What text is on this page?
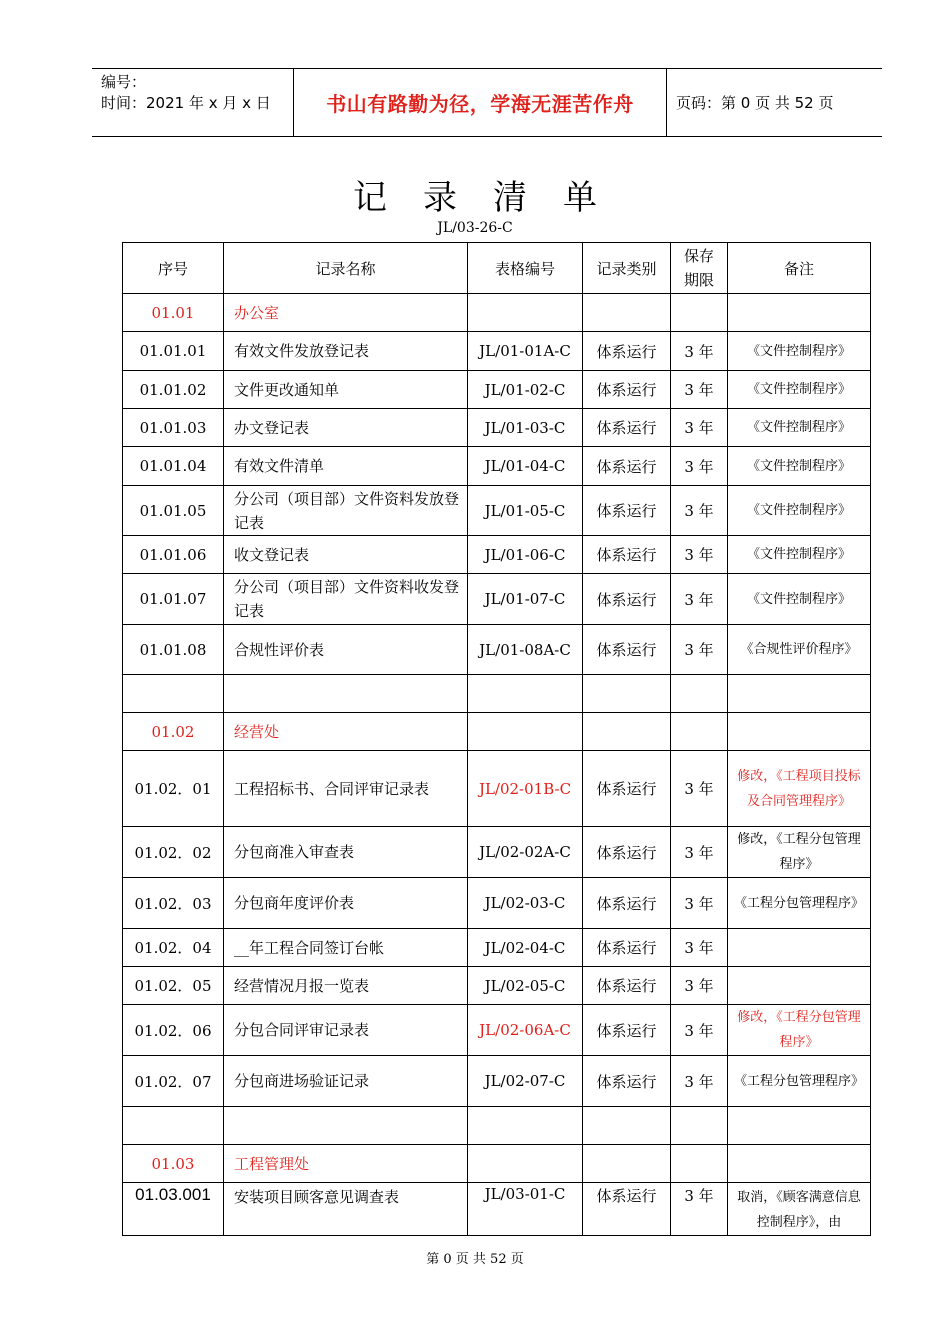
编号：
时间：2021 年 x 月 x 日	书山有路勤为径，学海无涯苦作舟	页码：第 0 页 共 52 页
记录清单
JL/03-26-C
序号	记录名称	表格编号	记录类别	保存期限	备注
01.01	办公室				
01.01.01	有效文件发放登记表	JL/01-01A-C	体系运行	3 年	《文件控制程序》
01.01.02	文件更改通知单	JL/01-02-C	体系运行	3 年	《文件控制程序》
01.01.03	办文登记表	JL/01-03-C	体系运行	3 年	《文件控制程序》
01.01.04	有效文件清单	JL/01-04-C	体系运行	3 年	《文件控制程序》
01.01.05	分公司（项目部）文件资料发放登记表	JL/01-05-C	体系运行	3 年	《文件控制程序》
01.01.06	收文登记表	JL/01-06-C	体系运行	3 年	《文件控制程序》
01.01.07	分公司（项目部）文件资料收发登记表	JL/01-07-C	体系运行	3 年	《文件控制程序》
01.01.08	合规性评价表	JL/01-08A-C	体系运行	3 年	《合规性评价程序》

01.02	经营处				
01.02．01	工程招标书、合同评审记录表	JL/02-01B-C	体系运行	3 年	修改，《工程项目投标及合同管理程序》
01.02．02	分包商准入审查表	JL/02-02A-C	体系运行	3 年	修改，《工程分包管理程序》
01.02．03	分包商年度评价表	JL/02-03-C	体系运行	3 年	《工程分包管理程序》
01.02．04	__年工程合同签订台帐	JL/02-04-C	体系运行	3 年	
01.02．05	经营情况月报一览表	JL/02-05-C	体系运行	3 年	
01.02．06	分包合同评审记录表	JL/02-06A-C	体系运行	3 年	修改，《工程分包管理程序》
01.02．07	分包商进场验证记录	JL/02-07-C	体系运行	3 年	《工程分包管理程序》

01.03	工程管理处				
01.03.001	安装项目顾客意见调查表	JL/03-01-C	体系运行	3 年	取消，《顾客满意信息控制程序》，由
第 0 页 共 52 页
